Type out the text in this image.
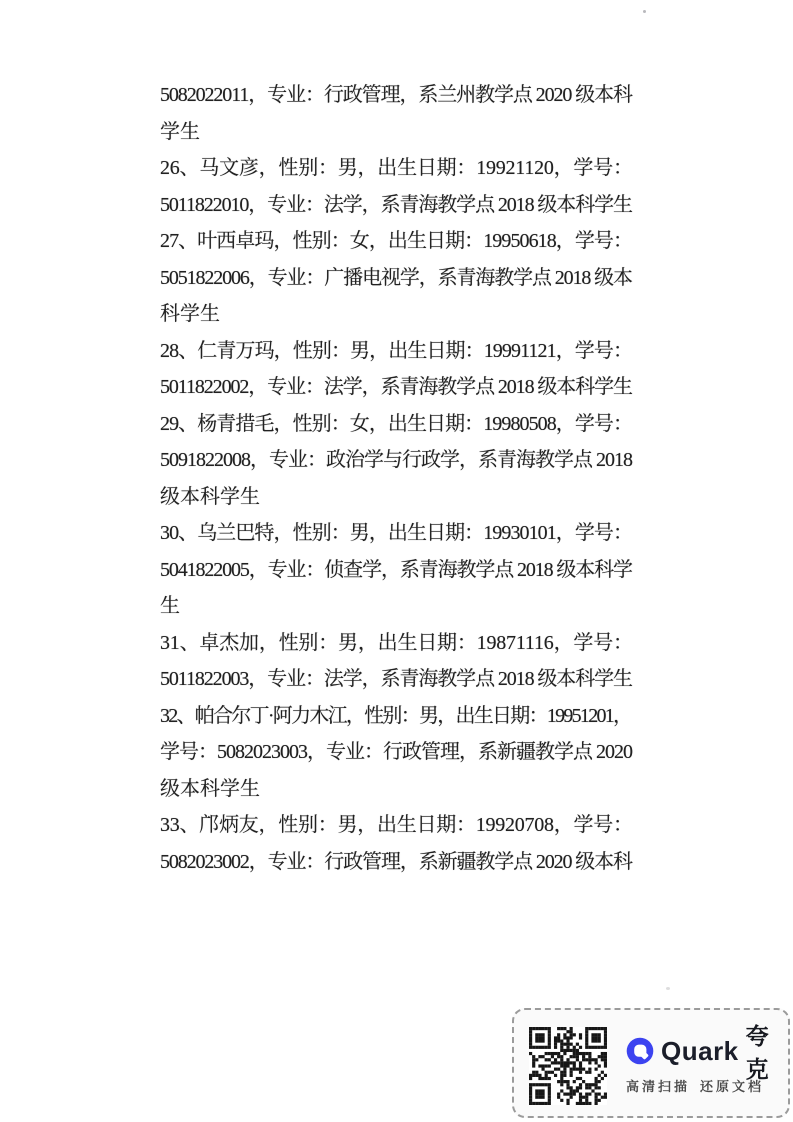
5082022011，专业：行政管理，系兰州教学点 2020 级本科
学生
26、马文彦，性别：男，出生日期：19921120，学号：
5011822010，专业：法学，系青海教学点 2018 级本科学生
27、叶西卓玛，性别：女，出生日期：19950618，学号：
5051822006，专业：广播电视学，系青海教学点 2018 级本
科学生
28、仁青万玛，性别：男，出生日期：19991121，学号：
5011822002，专业：法学，系青海教学点 2018 级本科学生
29、杨青措毛，性别：女，出生日期：19980508，学号：
5091822008，专业：政治学与行政学，系青海教学点 2018
级本科学生
30、乌兰巴特，性别：男，出生日期：19930101，学号：
5041822005，专业：侦查学，系青海教学点 2018 级本科学
生
31、卓杰加，性别：男，出生日期：19871116，学号：
5011822003，专业：法学，系青海教学点 2018 级本科学生
32、帕合尔丁·阿力木江，性别：男，出生日期：19951201，
学号：5082023003，专业：行政管理，系新疆教学点 2020
级本科学生
33、邝炳友，性别：男，出生日期：19920708，学号：
5082023002，专业：行政管理，系新疆教学点 2020 级本科
Quark 夸克
高清扫描 还原文档
